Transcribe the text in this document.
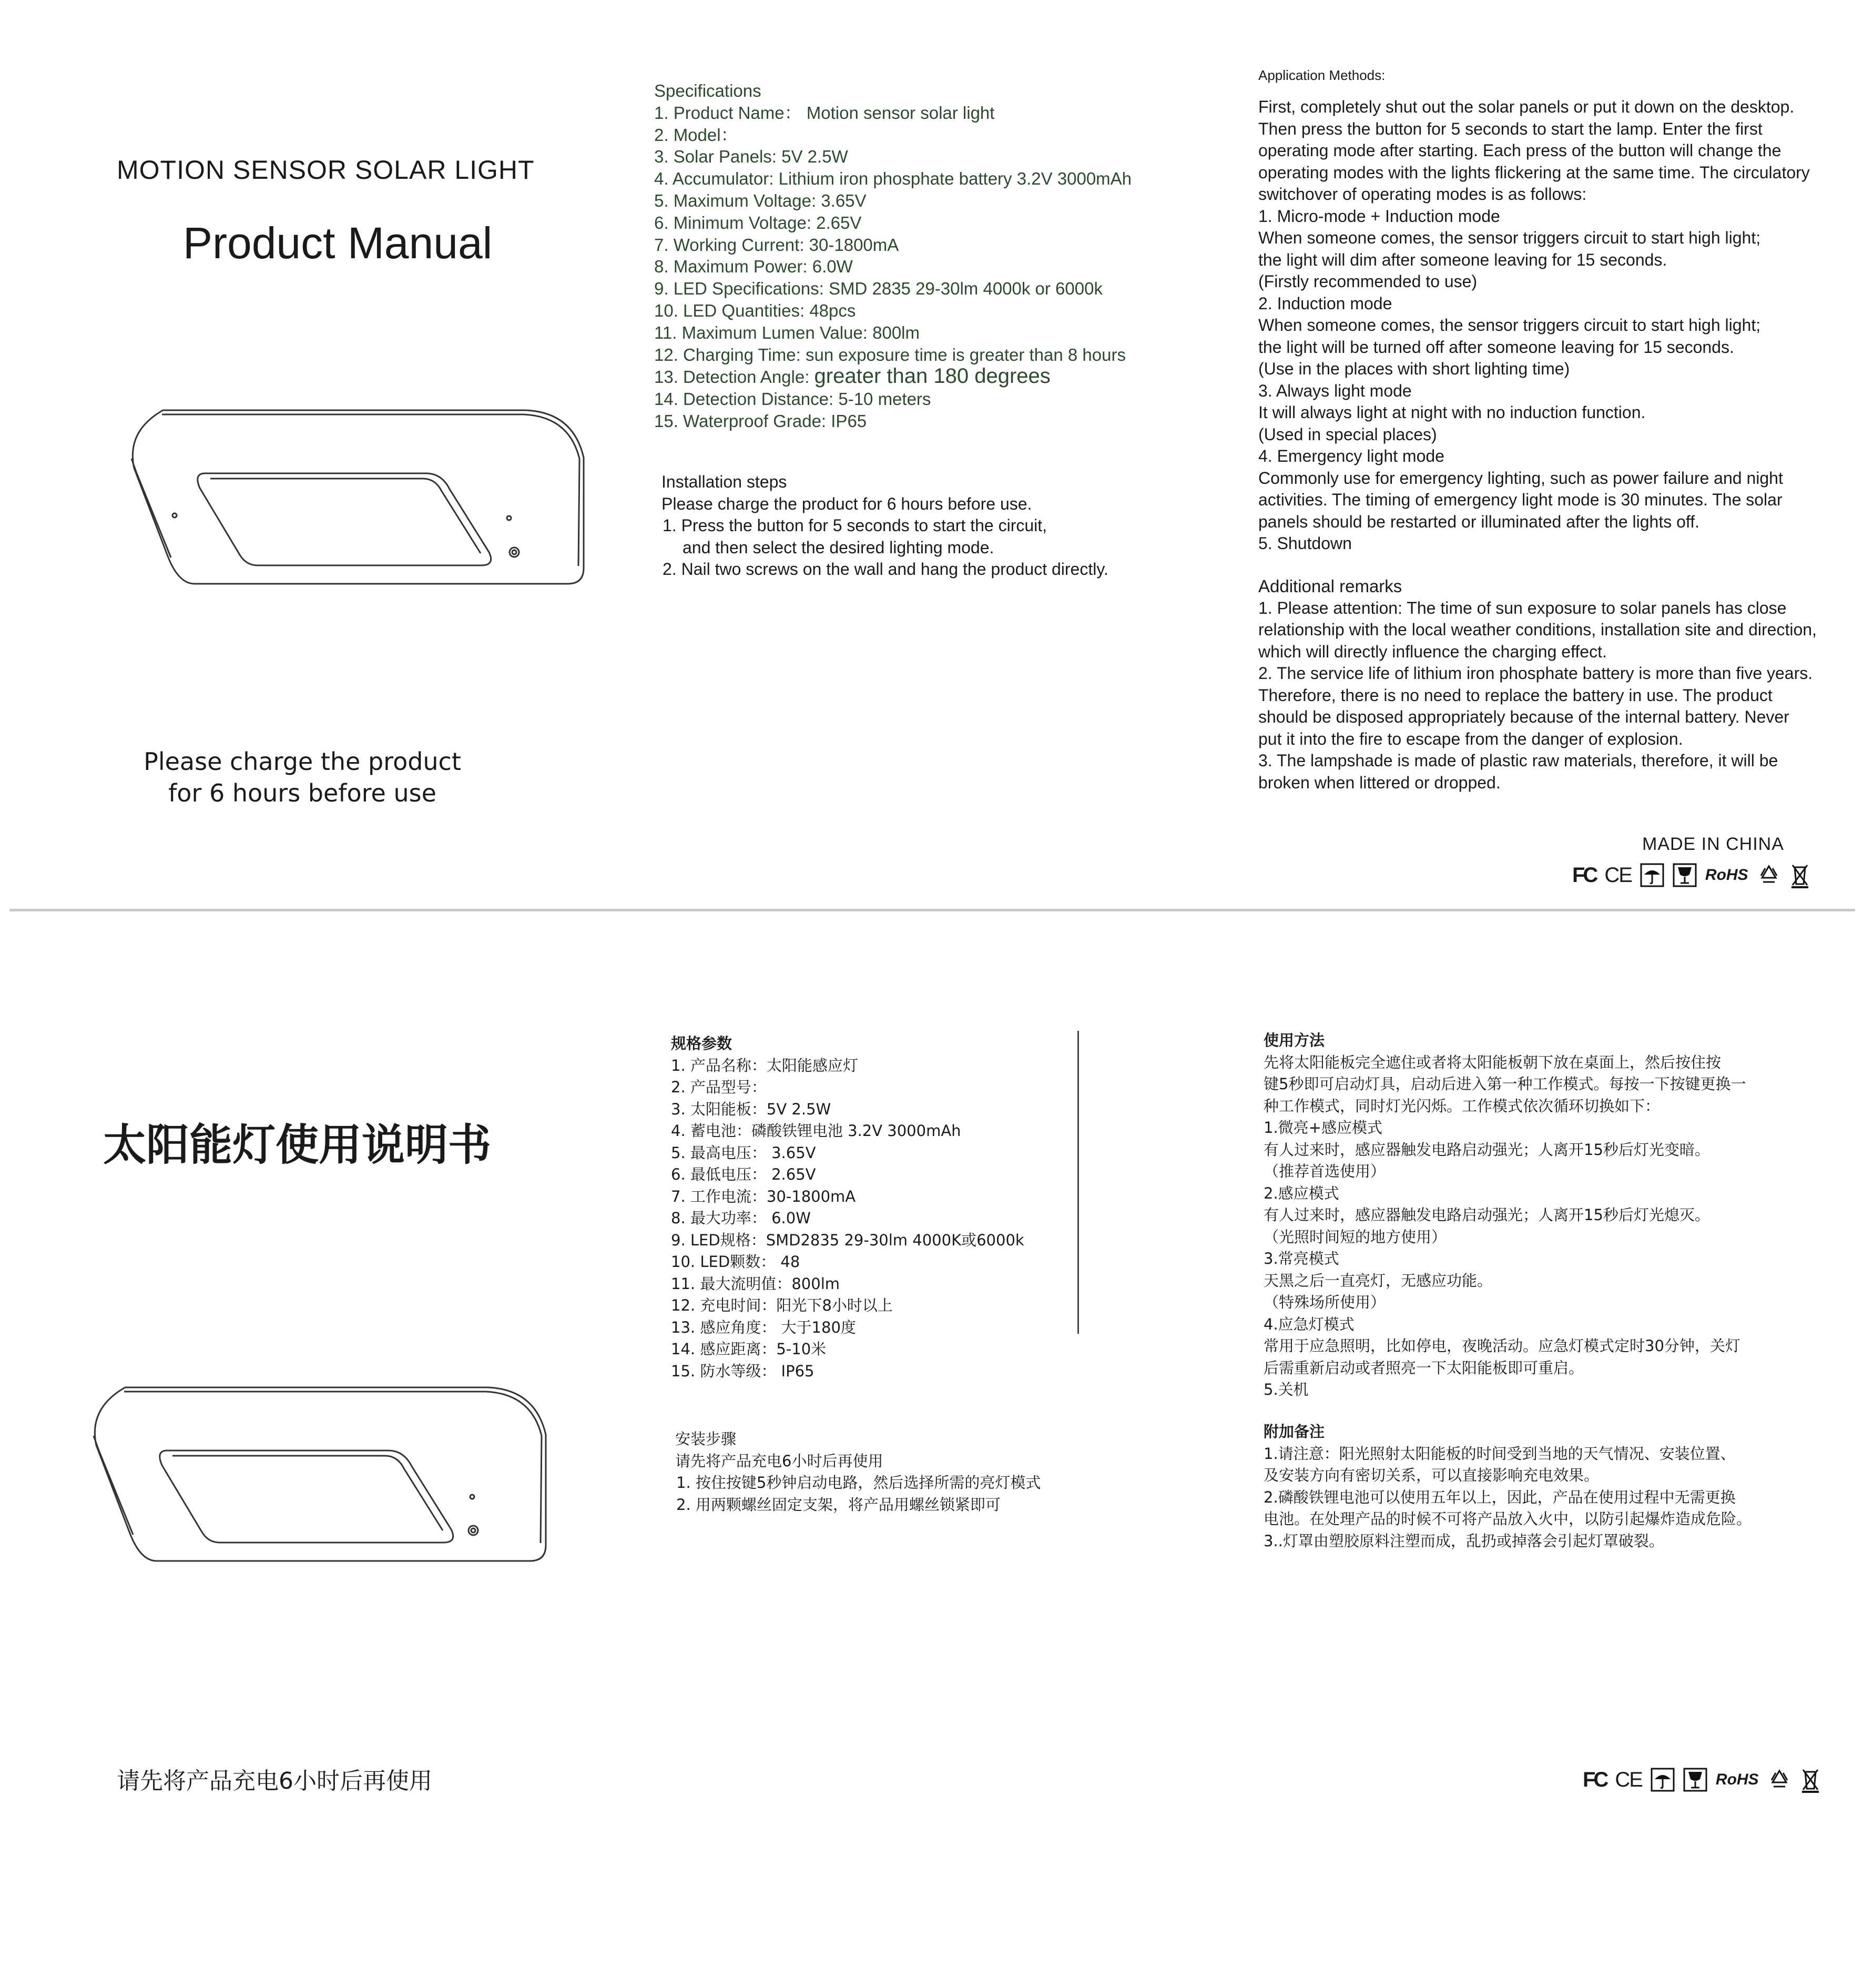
MOTION SENSOR SOLAR LIGHT
Product Manual
Please charge the product
for 6 hours before use
Specifications
1. Product Name： Motion sensor solar light
2. Model：
3. Solar Panels: 5V 2.5W
4. Accumulator: Lithium iron phosphate battery 3.2V 3000mAh
5. Maximum Voltage: 3.65V
6. Minimum Voltage: 2.65V
7. Working Current: 30-1800mA
8. Maximum Power: 6.0W
9. LED Specifications: SMD 2835 29-30lm 4000k or 6000k
10. LED Quantities: 48pcs
11. Maximum Lumen Value: 800lm
12. Charging Time: sun exposure time is greater than 8 hours
13. Detection Angle: greater than 180 degrees
14. Detection Distance: 5-10 meters
15. Waterproof Grade: IP65
Installation steps
Please charge the product for 6 hours before use.
1. Press the button for 5 seconds to start the circuit,
and then select the desired lighting mode.
2. Nail two screws on the wall and hang the product directly.
Application Methods:
First, completely shut out the solar panels or put it down on the desktop.
Then press the button for 5 seconds to start the lamp. Enter the first
operating mode after starting. Each press of the button will change the
operating modes with the lights flickering at the same time. The circulatory
switchover of operating modes is as follows:
1. Micro-mode + Induction mode
When someone comes, the sensor triggers circuit to start high light;
the light will dim after someone leaving for 15 seconds.
(Firstly recommended to use)
2. Induction mode
When someone comes, the sensor triggers circuit to start high light;
the light will be turned off after someone leaving for 15 seconds.
(Use in the places with short lighting time)
3. Always light mode
It will always light at night with no induction function.
(Used in special places)
4. Emergency light mode
Commonly use for emergency lighting, such as power failure and night
activities. The timing of emergency light mode is 30 minutes. The solar
panels should be restarted or illuminated after the lights off.
5. Shutdown
Additional remarks
1. Please attention: The time of sun exposure to solar panels has close
relationship with the local weather conditions, installation site and direction,
which will directly influence the charging effect.
2. The service life of lithium iron phosphate battery is more than five years.
Therefore, there is no need to replace the battery in use. The product
should be disposed appropriately because of the internal battery. Never
put it into the fire to escape from the danger of explosion.
3. The lampshade is made of plastic raw materials, therefore, it will be
broken when littered or dropped.
MADE IN CHINA
FC CE	RoHS
太阳能灯使用说明书
请先将产品充电6小时后再使用
规格参数
1. 产品名称：太阳能感应灯
2. 产品型号：
3. 太阳能板：5V 2.5W
4. 蓄电池：磷酸铁锂电池 3.2V 3000mAh
5. 最高电压： 3.65V
6. 最低电压： 2.65V
7. 工作电流：30-1800mA
8. 最大功率： 6.0W
9. LED规格：SMD2835 29-30lm 4000K或6000k
10. LED颗数： 48
11. 最大流明值：800lm
12. 充电时间：阳光下8小时以上
13. 感应角度： 大于180度
14. 感应距离：5-10米
15. 防水等级： IP65
安装步骤
请先将产品充电6小时后再使用
1. 按住按键5秒钟启动电路，然后选择所需的亮灯模式
2. 用两颗螺丝固定支架，将产品用螺丝锁紧即可
使用方法
先将太阳能板完全遮住或者将太阳能板朝下放在桌面上，然后按住按
键5秒即可启动灯具，启动后进入第一种工作模式。每按一下按键更换一
种工作模式，同时灯光闪烁。工作模式依次循环切换如下：
1.微亮+感应模式
有人过来时，感应器触发电路启动强光；人离开15秒后灯光变暗。
（推荐首选使用）
2.感应模式
有人过来时，感应器触发电路启动强光；人离开15秒后灯光熄灭。
（光照时间短的地方使用）
3.常亮模式
天黑之后一直亮灯，无感应功能。
（特殊场所使用）
4.应急灯模式
常用于应急照明，比如停电，夜晚活动。应急灯模式定时30分钟，关灯
后需重新启动或者照亮一下太阳能板即可重启。
5.关机
附加备注
1.请注意：阳光照射太阳能板的时间受到当地的天气情况、安装位置、
及安装方向有密切关系，可以直接影响充电效果。
2.磷酸铁锂电池可以使用五年以上，因此，产品在使用过程中无需更换
电池。在处理产品的时候不可将产品放入火中，以防引起爆炸造成危险。
3..灯罩由塑胶原料注塑而成，乱扔或掉落会引起灯罩破裂。
FC CE	RoHS
